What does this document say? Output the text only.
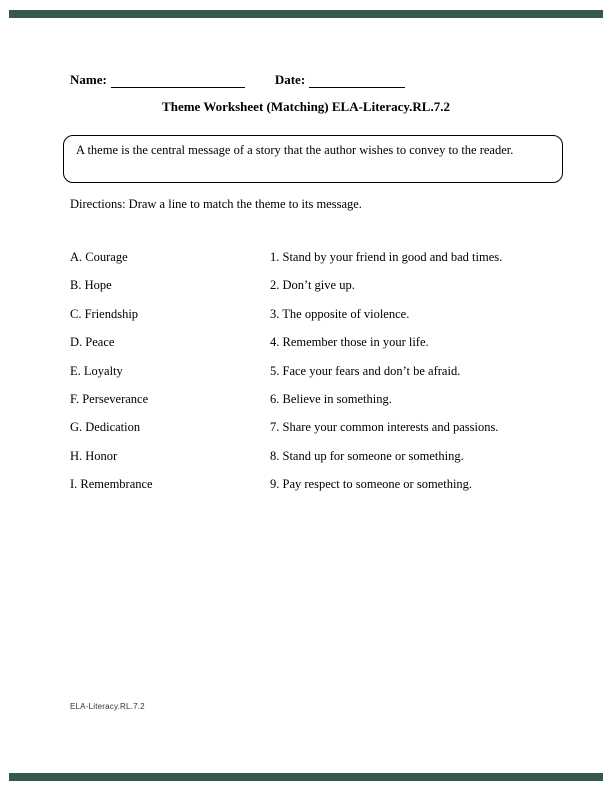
Name:	Date:
Theme Worksheet (Matching) ELA-Literacy.RL.7.2
A theme is the central message of a story that the author wishes to convey to the reader.
Directions: Draw a line to match the theme to its message.
A. Courage	1. Stand by your friend in good and bad times.
B. Hope	2. Don’t give up.
C. Friendship	3. The opposite of violence.
D. Peace	4. Remember those in your life.
E. Loyalty	5. Face your fears and don’t be afraid.
F. Perseverance	6. Believe in something.
G. Dedication	7. Share your common interests and passions.
H. Honor	8. Stand up for someone or something.
I. Remembrance	9. Pay respect to someone or something.
ELA-Literacy.RL.7.2
